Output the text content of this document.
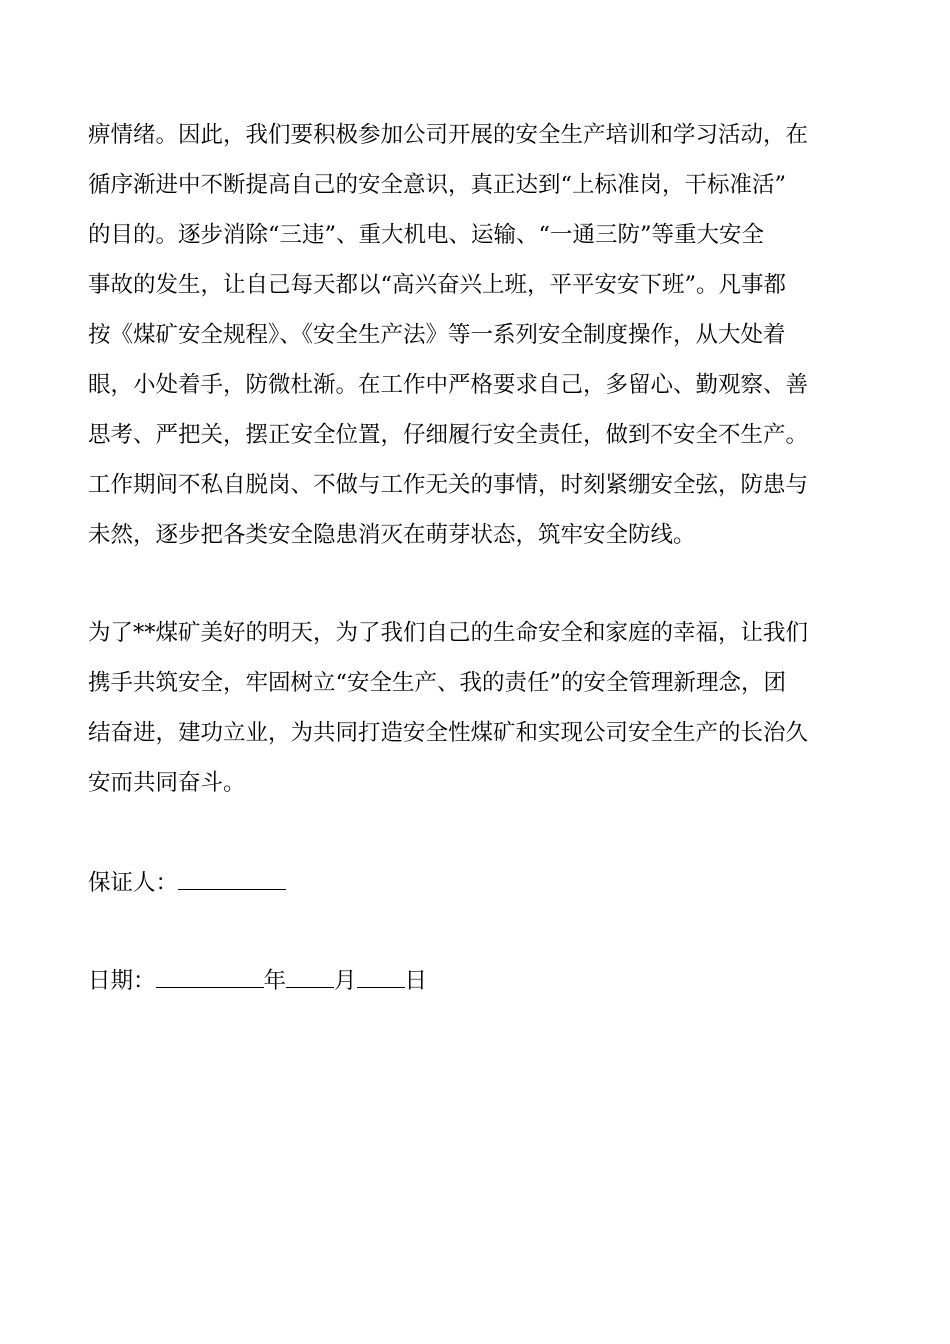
痹情绪。因此，我们要积极参加公司开展的安全生产培训和学习活动，在
循序渐进中不断提高自己的安全意识，真正达到“上标准岗，干标准活”
的目的。逐步消除“三违”、重大机电、运输、“一通三防”等重大安全
事故的发生，让自己每天都以“高兴奋兴上班，平平安安下班”。凡事都
按《煤矿安全规程》、《安全生产法》等一系列安全制度操作，从大处着
眼，小处着手，防微杜渐。在工作中严格要求自己，多留心、勤观察、善
思考、严把关，摆正安全位置，仔细履行安全责任，做到不安全不生产。
工作期间不私自脱岗、不做与工作无关的事情，时刻紧绷安全弦，防患与
未然，逐步把各类安全隐患消灭在萌芽状态，筑牢安全防线。

为了**煤矿美好的明天，为了我们自己的生命安全和家庭的幸福，让我们
携手共筑安全，牢固树立“安全生产、我的责任”的安全管理新理念，团
结奋进，建功立业，为共同打造安全性煤矿和实现公司安全生产的长治久
安而共同奋斗。

保证人：

日期：	年 月 日
